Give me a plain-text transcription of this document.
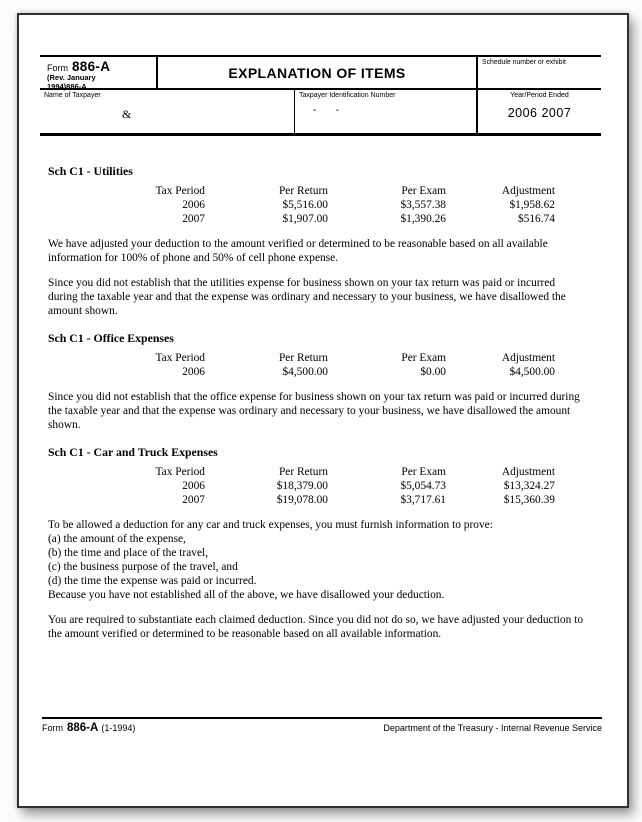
Form 886-A
(Rev. January
1994)886-A
EXPLANATION OF ITEMS
Schedule number or exhibit
Name of Taxpayer
&
Taxpayer Identification Number
-       -
Year/Period Ended
2006 2007
Sch C1 - Utilities
Tax Period	Per Return	Per Exam	Adjustment
2006	$5,516.00	$3,557.38	$1,958.62
2007	$1,907.00	$1,390.26	$516.74

We have adjusted your deduction to the amount verified or determined to be reasonable based on all available information for 100% of phone and 50% of cell phone expense.

Since you did not establish that the utilities expense for business shown on your tax return was paid or incurred during the taxable year and that the expense was ordinary and necessary to your business, we have disallowed the amount shown.

Sch C1 - Office Expenses
Tax Period	Per Return	Per Exam	Adjustment
2006	$4,500.00	$0.00	$4,500.00

Since you did not establish that the office expense for business shown on your tax return was paid or incurred during the taxable year and that the expense was ordinary and necessary to your business, we have disallowed the amount shown.

Sch C1 - Car and Truck Expenses
Tax Period	Per Return	Per Exam	Adjustment
2006	$18,379.00	$5,054.73	$13,324.27
2007	$19,078.00	$3,717.61	$15,360.39

To be allowed a deduction for any car and truck expenses, you must furnish information to prove:

(a) the amount of the expense,

(b) the time and place of the travel,

(c) the business purpose of the travel, and

(d) the time the expense was paid or incurred.

Because you have not established all of the above, we have disallowed your deduction.

You are required to substantiate each claimed deduction. Since you did not do so, we have adjusted your deduction to the amount verified or determined to be reasonable based on all available information.

Form 886-A (1-1994)	Department of the Treasury - Internal Revenue Service
